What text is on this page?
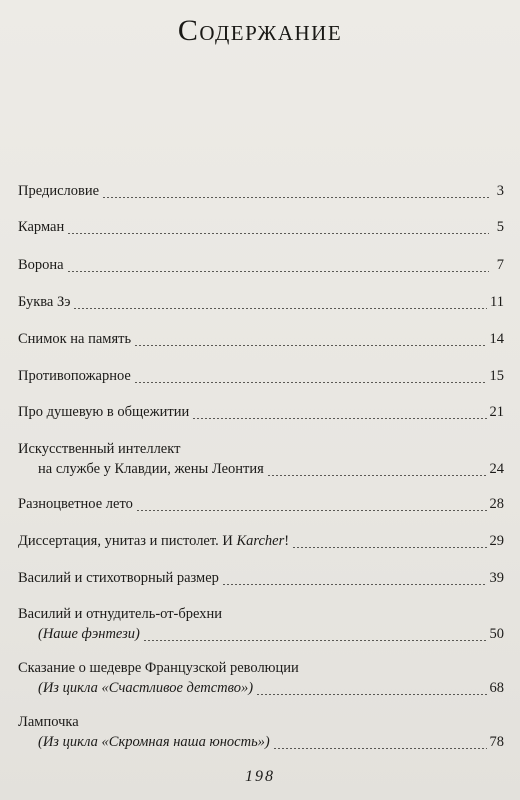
Содержание
Предисловие	3
Карман	5
Ворона	7
Буква Зэ	11
Снимок на память	14
Противопожарное	15
Про душевую в общежитии	21
Искусственный интеллект
на службе у Клавдии, жены Леонтия	24
Разноцветное лето	28
Диссертация, унитаз и пистолет. И Karcher!	29
Василий и стихотворный размер	39
Василий и отнудитель-от-брехни
(Наше фэнтези)	50
Сказание о шедевре Французской революции
(Из цикла «Счастливое детство»)	68
Лампочка
(Из цикла «Скромная наша юность»)	78
198
